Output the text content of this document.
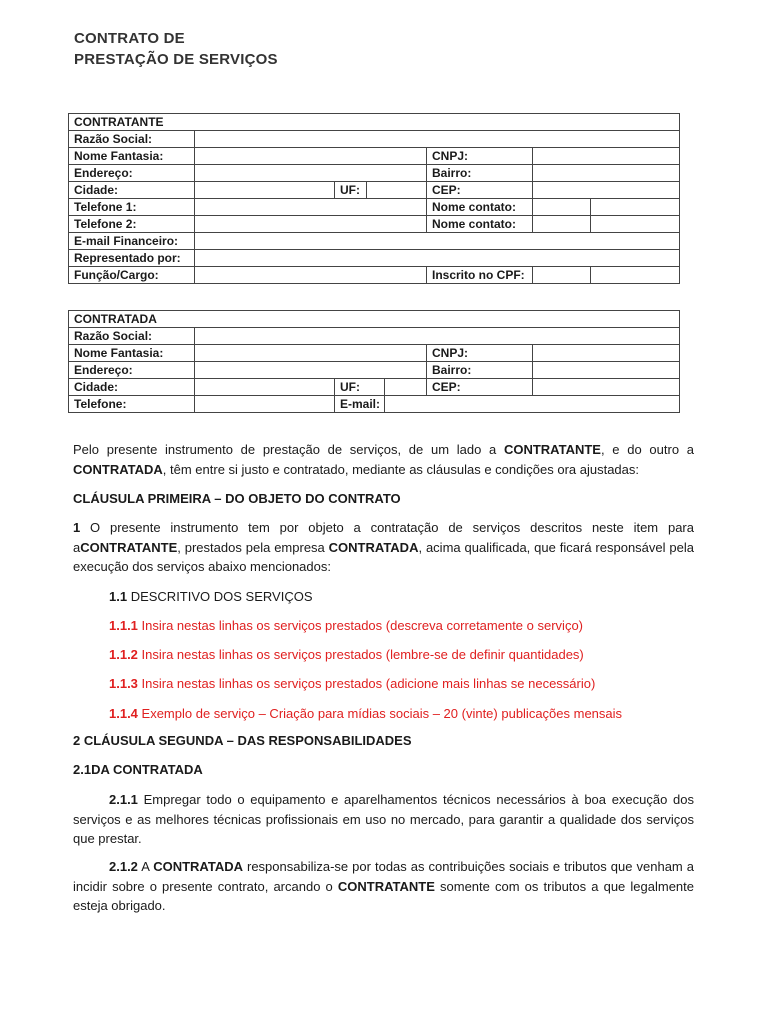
CONTRATO DE
PRESTAÇÃO DE SERVIÇOS
CONTRATANTE						
Razão Social:						
Nome Fantasia:				CNPJ:		
Endereço:				Bairro:		
Cidade:		UF:		CEP:		
Telefone 1:				Nome contato:		
Telefone 2:				Nome contato:		
E-mail Financeiro:						
Representado por:						
Função/Cargo:				Inscrito no CPF:		
CONTRATADA					
Razão Social:					
Nome Fantasia:				CNPJ:	
Endereço:				Bairro:	
Cidade:		UF:		CEP:	
Telefone:		E-mail:			

Pelo presente instrumento de prestação de serviços, de um lado a CONTRATANTE, e do outro a CONTRATADA, têm entre si justo e contratado, mediante as cláusulas e condições ora ajustadas:

CLÁUSULA PRIMEIRA – DO OBJETO DO CONTRATO

1 O presente instrumento tem por objeto a contratação de serviços descritos neste item para aCONTRATANTE, prestados pela empresa CONTRATADA, acima qualificada, que ficará responsável pela execução dos serviços abaixo mencionados:

1.1 DESCRITIVO DOS SERVIÇOS
1.1.1 Insira nestas linhas os serviços prestados (descreva corretamente o serviço)
1.1.2 Insira nestas linhas os serviços prestados (lembre-se de definir quantidades)
1.1.3 Insira nestas linhas os serviços prestados (adicione mais linhas se necessário)
1.1.4 Exemplo de serviço – Criação para mídias sociais – 20 (vinte) publicações mensais
2 CLÁUSULA SEGUNDA – DAS RESPONSABILIDADES
2.1DA CONTRATADA

2.1.1 Empregar todo o equipamento e aparelhamentos técnicos necessários à boa execução dos serviços e as melhores técnicas profissionais em uso no mercado, para garantir a qualidade dos serviços que prestar.

2.1.2 A CONTRATADA responsabiliza-se por todas as contribuições sociais e tributos que venham a incidir sobre o presente contrato, arcando o CONTRATANTE somente com os tributos a que legalmente esteja obrigado.
